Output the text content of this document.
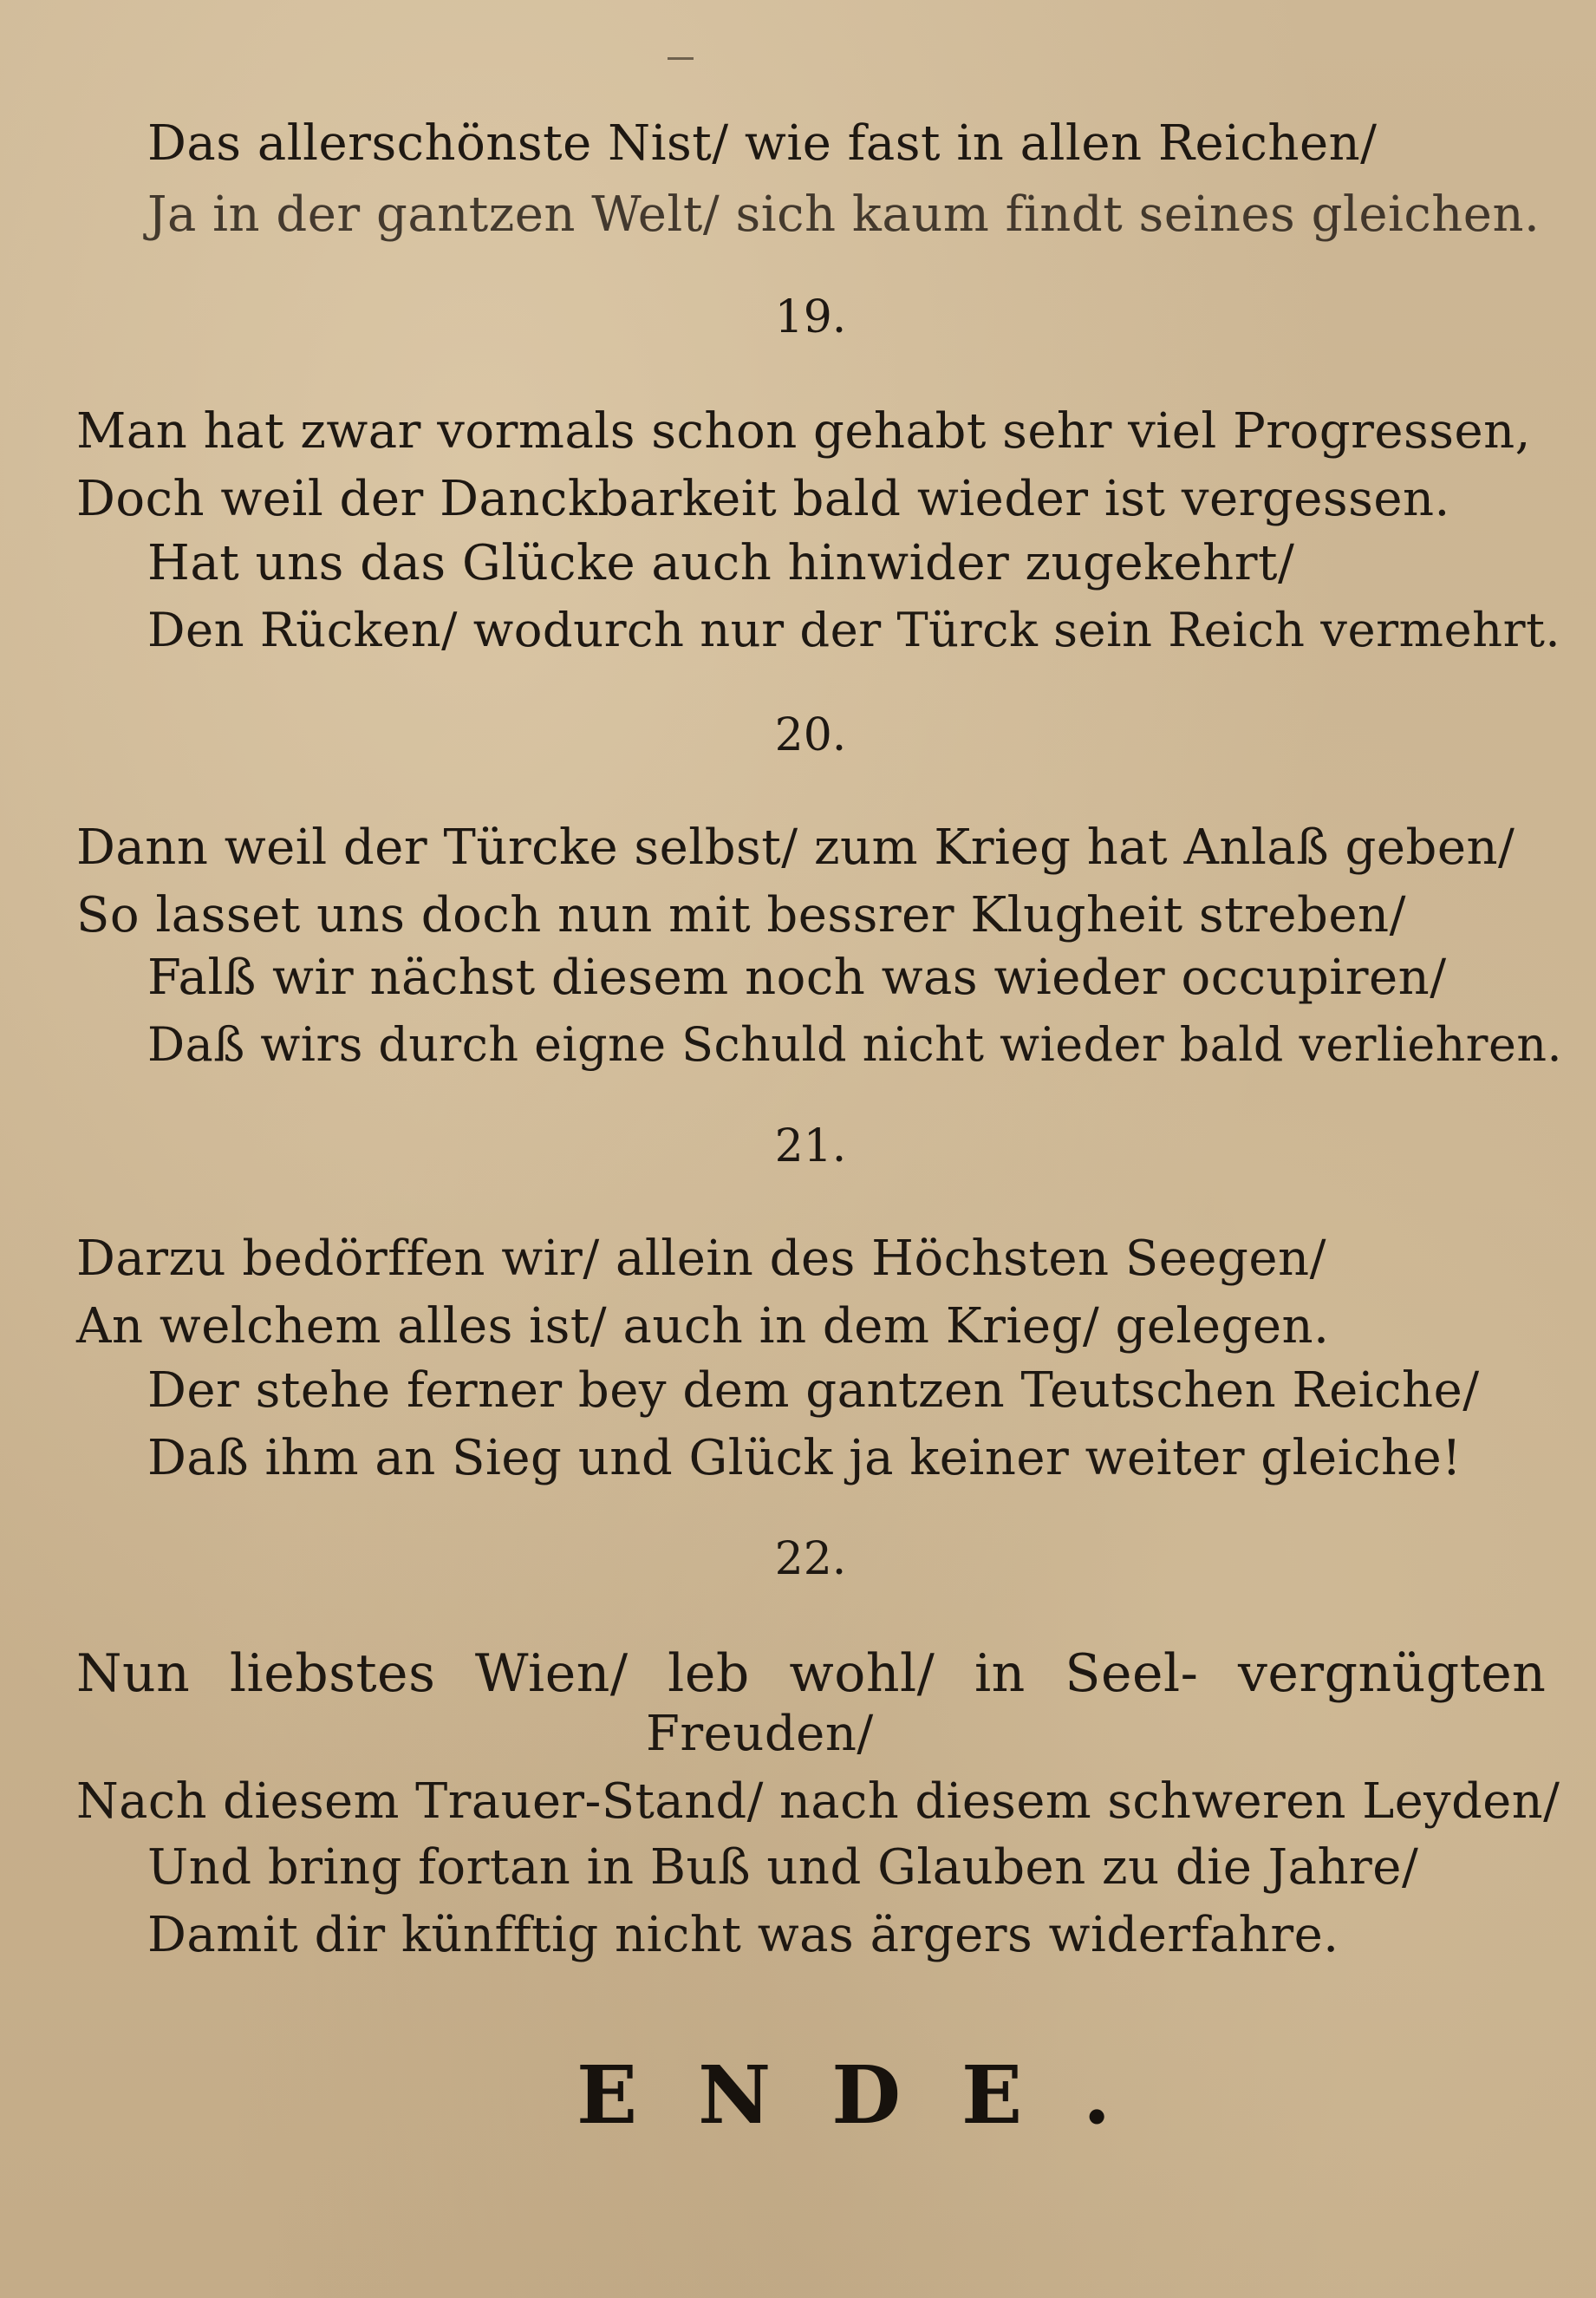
Das allerschönste Nist/ wie fast in allen Reichen/
Ja in der gantzen Welt/ sich kaum findt seines gleichen.
19.
Man hat zwar vormals schon gehabt sehr viel Progressen,
Doch weil der Danckbarkeit bald wieder ist vergessen.
Hat uns das Glücke auch hinwider zugekehrt/
Den Rücken/ wodurch nur der Türck sein Reich vermehrt.
20.
Dann weil der Türcke selbst/ zum Krieg hat Anlaß geben/
So lasset uns doch nun mit bessrer Klugheit streben/
Falß wir nächst diesem noch was wieder occupiren/
Daß wirs durch eigne Schuld nicht wieder bald verliehren.
21.
Darzu bedörffen wir/ allein des Höchsten Seegen/
An welchem alles ist/ auch in dem Krieg/ gelegen.
Der stehe ferner bey dem gantzen Teutschen Reiche/
Daß ihm an Sieg und Glück ja keiner weiter gleiche!
22.
Nun liebstes Wien/ leb wohl/ in Seel- vergnügten
Freuden/
Nach diesem Trauer-Stand/ nach diesem schweren Leyden/
Und bring fortan in Buß und Glauben zu die Jahre/
Damit dir künfftig nicht was ärgers widerfahre.
ENDE.
